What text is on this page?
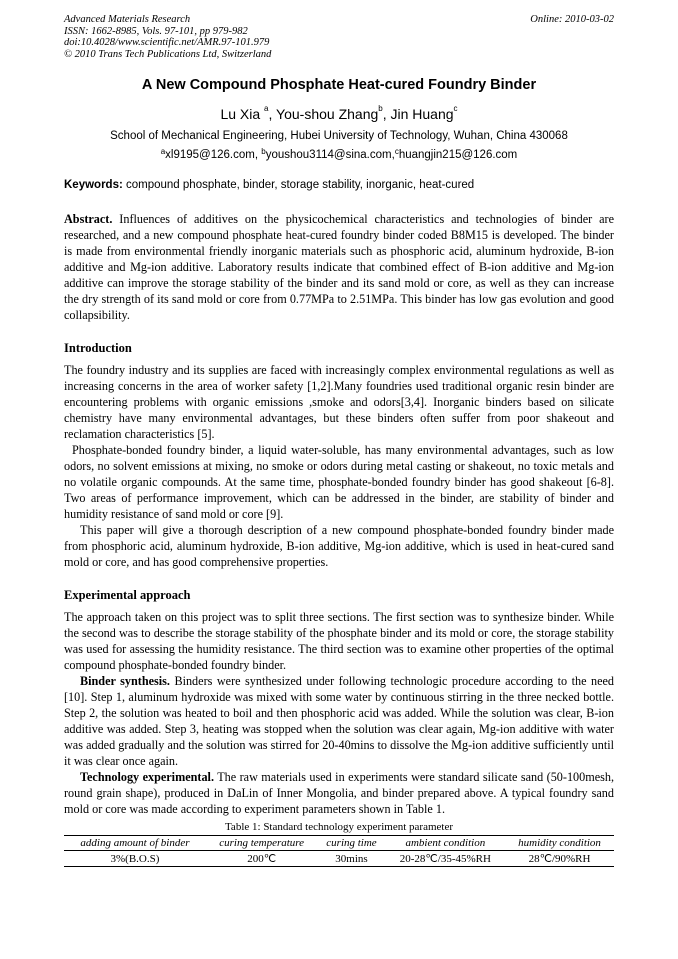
Advanced Materials Research
ISSN: 1662-8985, Vols. 97-101, pp 979-982
doi:10.4028/www.scientific.net/AMR.97-101.979
© 2010 Trans Tech Publications Ltd, Switzerland
Online: 2010-03-02
A New Compound Phosphate Heat-cured Foundry Binder
Lu Xia $^a$, You-shou Zhang$^b$, Jin Huang$^c$
School of Mechanical Engineering, Hubei University of Technology, Wuhan, China 430068
$^a$xl9195@126.com, $^b$youshou3114@sina.com,$^c$huangjin215@126.com
Keywords: compound phosphate, binder, storage stability, inorganic, heat-cured

Abstract. Influences of additives on the physicochemical characteristics and technologies of binder are researched, and a new compound phosphate heat-cured foundry binder coded B8M15 is developed. The binder is made from environmental friendly inorganic materials such as phosphoric acid, aluminum hydroxide, B-ion additive and Mg-ion additive. Laboratory results indicate that combined effect of B-ion additive and Mg-ion additive can improve the storage stability of the binder and its sand mold or core, as well as they can increase the dry strength of its sand mold or core from 0.77MPa to 2.51MPa. This binder has low gas evolution and good collapsibility.

Introduction

The foundry industry and its supplies are faced with increasingly complex environmental regulations as well as increasing concerns in the area of worker safety [1,2].Many foundries used traditional organic resin binder are encountering problems with organic emissions ,smoke and odors[3,4]. Inorganic binders based on silicate chemistry have many environmental advantages, but these binders often suffer from poor shakeout and reclamation characteristics [5].

Phosphate-bonded foundry binder, a liquid water-soluble, has many environmental advantages, such as low odors, no solvent emissions at mixing, no smoke or odors during metal casting or shakeout, no toxic metals and no volatile organic compounds. At the same time, phosphate-bonded foundry binder has good shakeout [6-8]. Two areas of performance improvement, which can be addressed in the binder, are stability of binder and humidity resistance of sand mold or core [9].

This paper will give a thorough description of a new compound phosphate-bonded foundry binder made from phosphoric acid, aluminum hydroxide, B-ion additive, Mg-ion additive, which is used in heat-cured sand mold or core, and has good comprehensive properties.

Experimental approach

The approach taken on this project was to split three sections. The first section was to synthesize binder. While the second was to describe the storage stability of the phosphate binder and its mold or core, the storage stability was used for assessing the humidity resistance. The third section was to examine other properties of the optimal compound phosphate-bonded foundry binder.

Binder synthesis. Binders were synthesized under following technologic procedure according to the need [10]. Step 1, aluminum hydroxide was mixed with some water by continuous stirring in the three necked bottle. Step 2, the solution was heated to boil and then phosphoric acid was added. While the solution was clear, B-ion additive was added. Step 3, heating was stopped when the solution was clear again, Mg-ion additive with water was added gradually and the solution was stirred for 20-40mins to dissolve the Mg-ion additive sufficiently until it was clear once again.

Technology experimental. The raw materials used in experiments were standard silicate sand (50-100mesh, round grain shape), produced in DaLin of Inner Mongolia, and binder prepared above. A typical foundry sand mold or core was made according to experiment parameters shown in Table 1.

Table 1: Standard technology experiment parameter
adding amount of binder	curing temperature	curing time	ambient condition	humidity condition
3%(B.O.S)	200℃	30mins	20-28℃/35-45%RH	28℃/90%RH
